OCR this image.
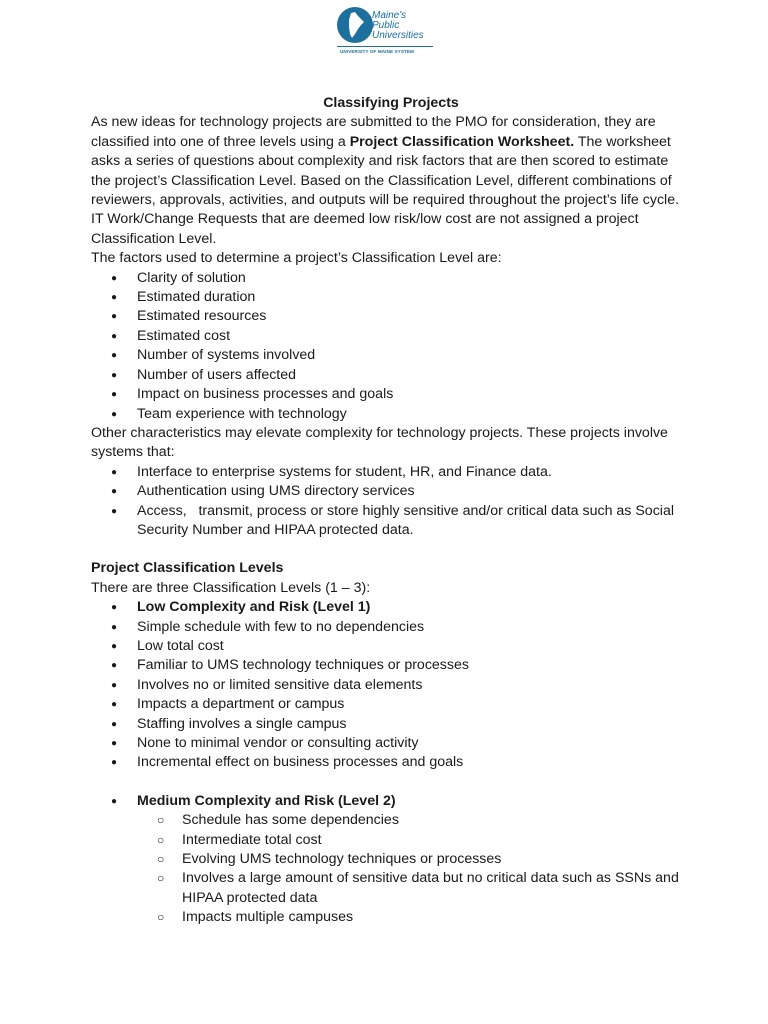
Maine's
Public
Universities
UNIVERSITY OF MAINE SYSTEM

Classifying Projects

As new ideas for technology projects are submitted to the PMO for consideration, they are classified into one of three levels using a Project Classification Worksheet. The worksheet asks a series of questions about complexity and risk factors that are then scored to estimate the project’s Classification Level. Based on the Classification Level, different combinations of reviewers, approvals, activities, and outputs will be required throughout the project’s life cycle. IT Work/Change Requests that are deemed low risk/low cost are not assigned a project Classification Level.

The factors used to determine a project’s Classification Level are:

● Clarity of solution
● Estimated duration
● Estimated resources
● Estimated cost
● Number of systems involved
● Number of users affected
● Impact on business processes and goals
● Team experience with technology

Other characteristics may elevate complexity for technology projects. These projects involve systems that:

● Interface to enterprise systems for student, HR, and Finance data.
● Authentication using UMS directory services
● Access,   transmit, process or store highly sensitive and/or critical data such as Social Security Number and HIPAA protected data.

Project Classification Levels

There are three Classification Levels (1 – 3):

● Low Complexity and Risk (Level 1)
● Simple schedule with few to no dependencies
● Low total cost
● Familiar to UMS technology techniques or processes
● Involves no or limited sensitive data elements
● Impacts a department or campus
● Staffing involves a single campus
● None to minimal vendor or consulting activity
● Incremental effect on business processes and goals
● Medium Complexity and Risk (Level 2)
○ Schedule has some dependencies
○ Intermediate total cost
○ Evolving UMS technology techniques or processes
○ Involves a large amount of sensitive data but no critical data such as SSNs and HIPAA protected data
○ Impacts multiple campuses
